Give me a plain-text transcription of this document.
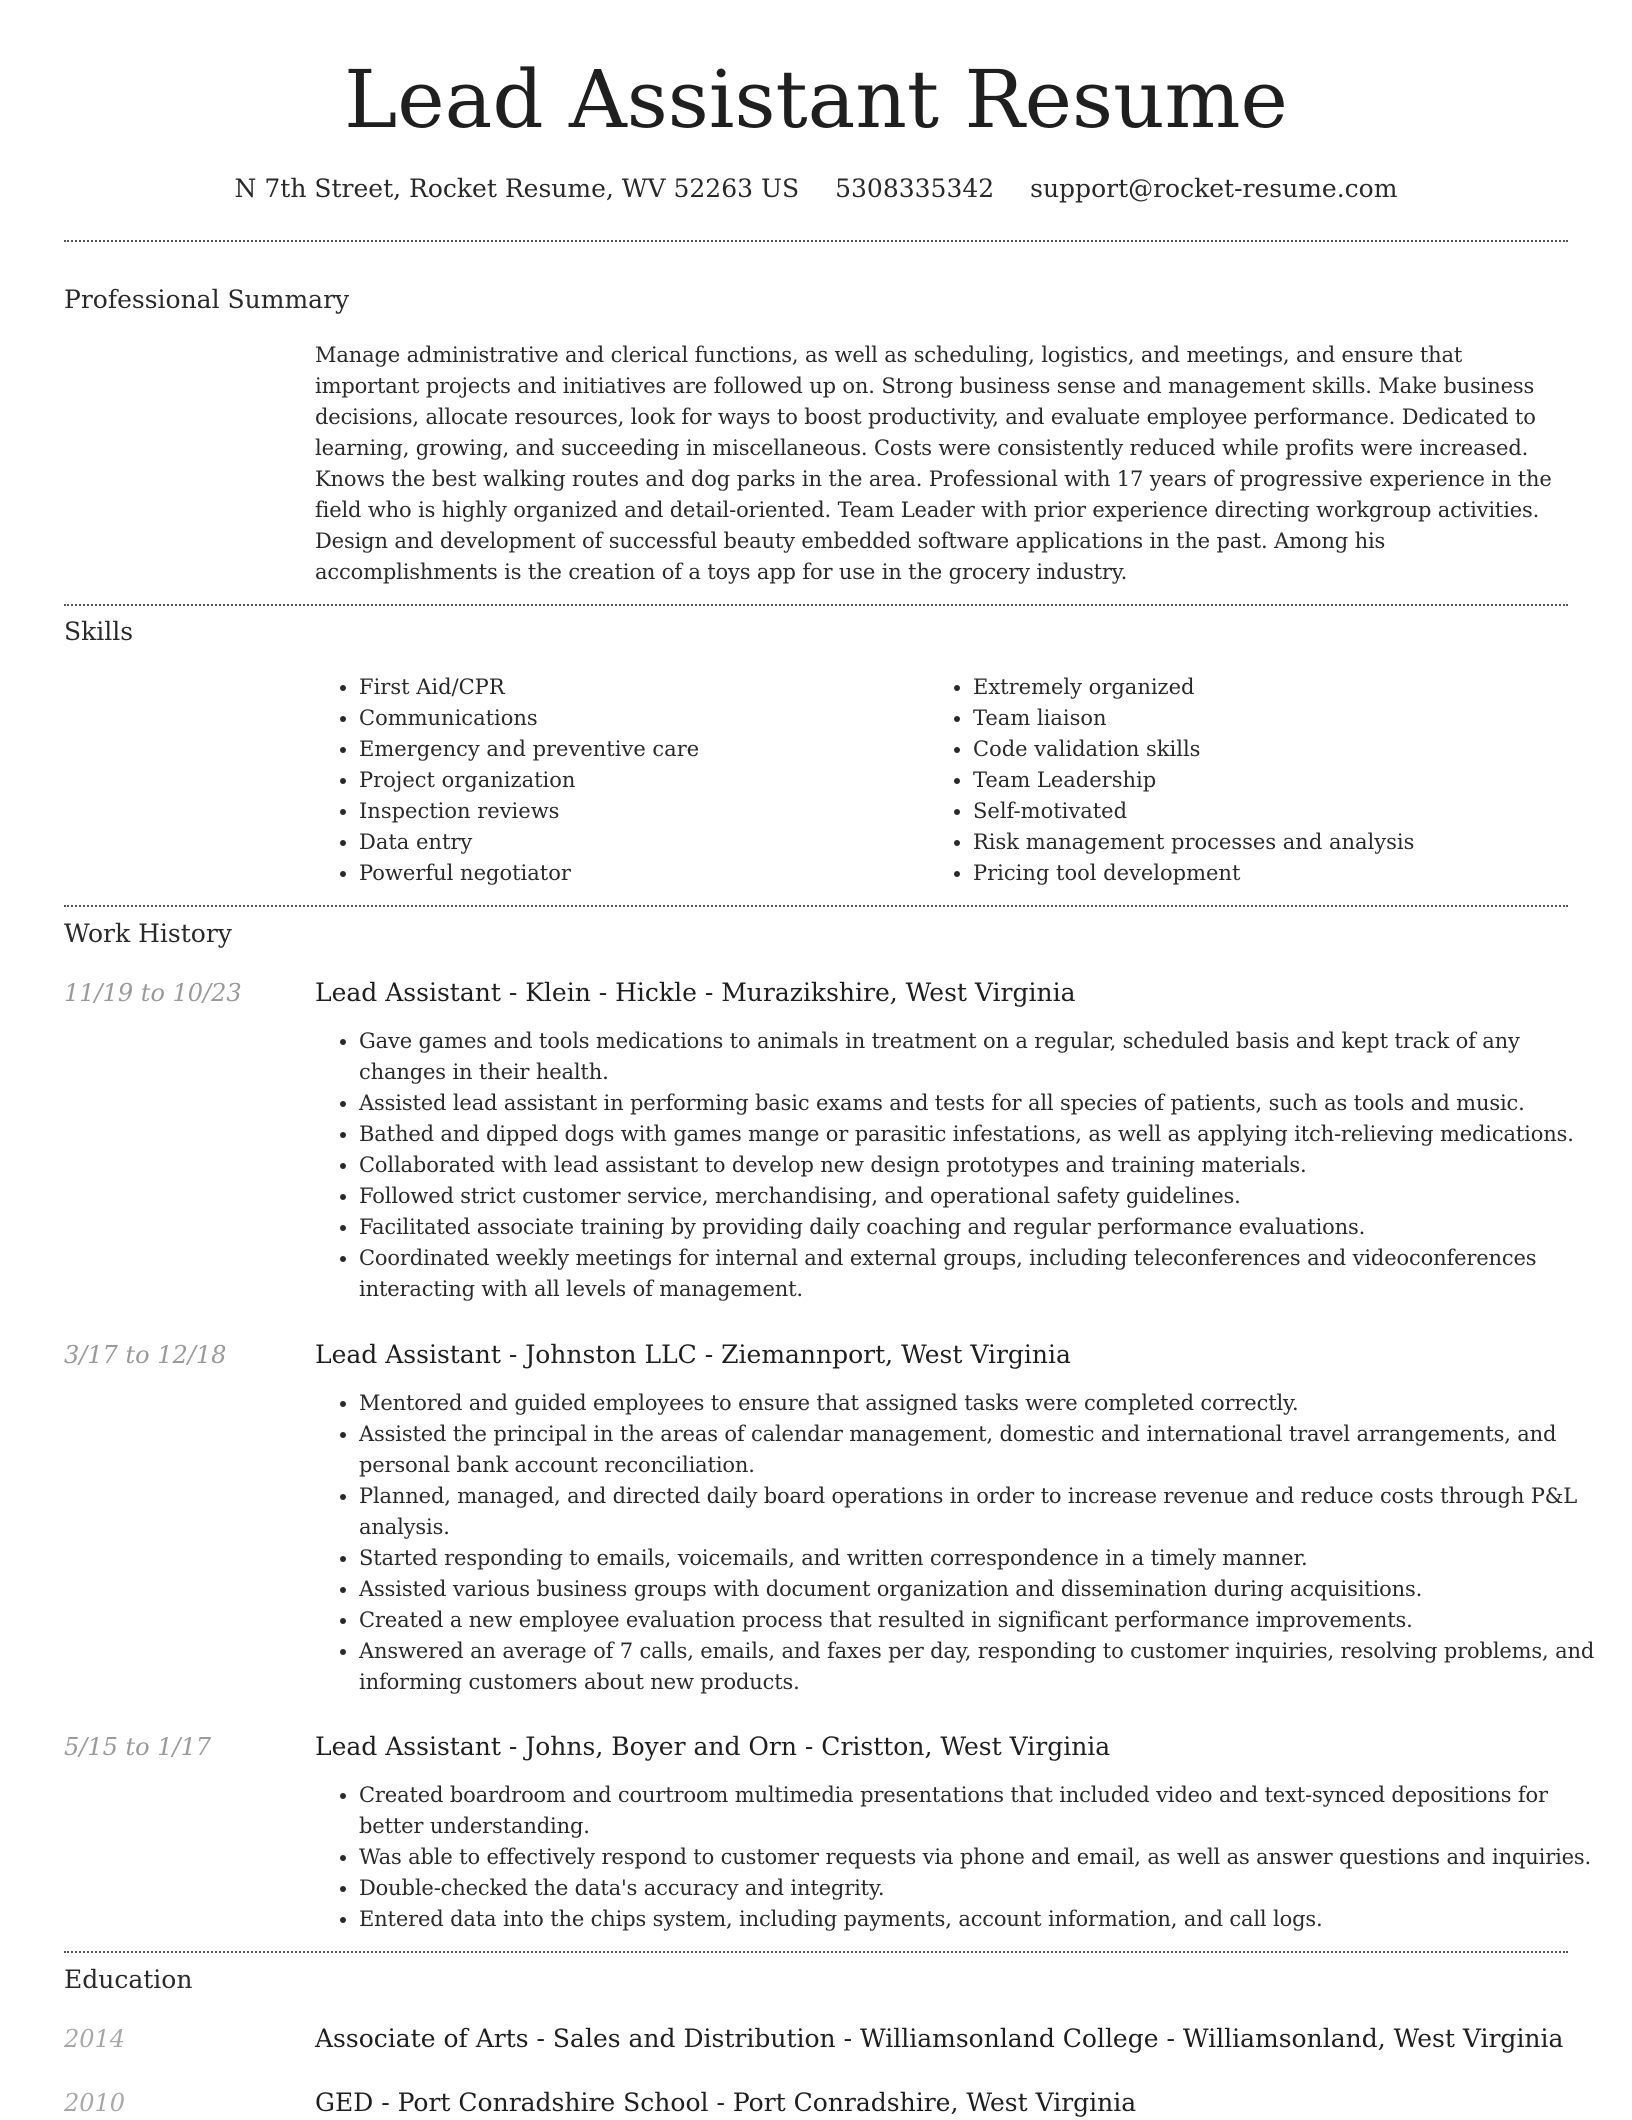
Lead Assistant Resume
N 7th Street, Rocket Resume, WV 52263 US 5308335342 support@rocket-resume.com
Professional Summary

Manage administrative and clerical functions, as well as scheduling, logistics, and meetings, and ensure that important projects and initiatives are followed up on. Strong business sense and management skills. Make business decisions, allocate resources, look for ways to boost productivity, and evaluate employee performance. Dedicated to learning, growing, and succeeding in miscellaneous. Costs were consistently reduced while profits were increased. Knows the best walking routes and dog parks in the area. Professional with 17 years of progressive experience in the field who is highly organized and detail-oriented. Team Leader with prior experience directing workgroup activities. Design and development of successful beauty embedded software applications in the past. Among his accomplishments is the creation of a toys app for use in the grocery industry.

Skills
• First Aid/CPR
• Communications
• Emergency and preventive care
• Project organization
• Inspection reviews
• Data entry
• Powerful negotiator
• Extremely organized
• Team liaison
• Code validation skills
• Team Leadership
• Self-motivated
• Risk management processes and analysis
• Pricing tool development
Work History
11/19 to 10/23	Lead Assistant - Klein - Hickle - Murazikshire, West Virginia
• Gave games and tools medications to animals in treatment on a regular, scheduled basis and kept track of any changes in their health.
• Assisted lead assistant in performing basic exams and tests for all species of patients, such as tools and music.
• Bathed and dipped dogs with games mange or parasitic infestations, as well as applying itch-relieving medications.
• Collaborated with lead assistant to develop new design prototypes and training materials.
• Followed strict customer service, merchandising, and operational safety guidelines.
• Facilitated associate training by providing daily coaching and regular performance evaluations.
• Coordinated weekly meetings for internal and external groups, including teleconferences and videoconferences interacting with all levels of management.
3/17 to 12/18	Lead Assistant - Johnston LLC - Ziemannport, West Virginia
• Mentored and guided employees to ensure that assigned tasks were completed correctly.
• Assisted the principal in the areas of calendar management, domestic and international travel arrangements, and personal bank account reconciliation.
• Planned, managed, and directed daily board operations in order to increase revenue and reduce costs through P&L analysis.
• Started responding to emails, voicemails, and written correspondence in a timely manner.
• Assisted various business groups with document organization and dissemination during acquisitions.
• Created a new employee evaluation process that resulted in significant performance improvements.
• Answered an average of 7 calls, emails, and faxes per day, responding to customer inquiries, resolving problems, and informing customers about new products.
5/15 to 1/17	Lead Assistant - Johns, Boyer and Orn - Cristton, West Virginia
• Created boardroom and courtroom multimedia presentations that included video and text-synced depositions for better understanding.
• Was able to effectively respond to customer requests via phone and email, as well as answer questions and inquiries.
• Double-checked the data's accuracy and integrity.
• Entered data into the chips system, including payments, account information, and call logs.
Education
2014	Associate of Arts - Sales and Distribution - Williamsonland College - Williamsonland, West Virginia
2010	GED - Port Conradshire School - Port Conradshire, West Virginia
